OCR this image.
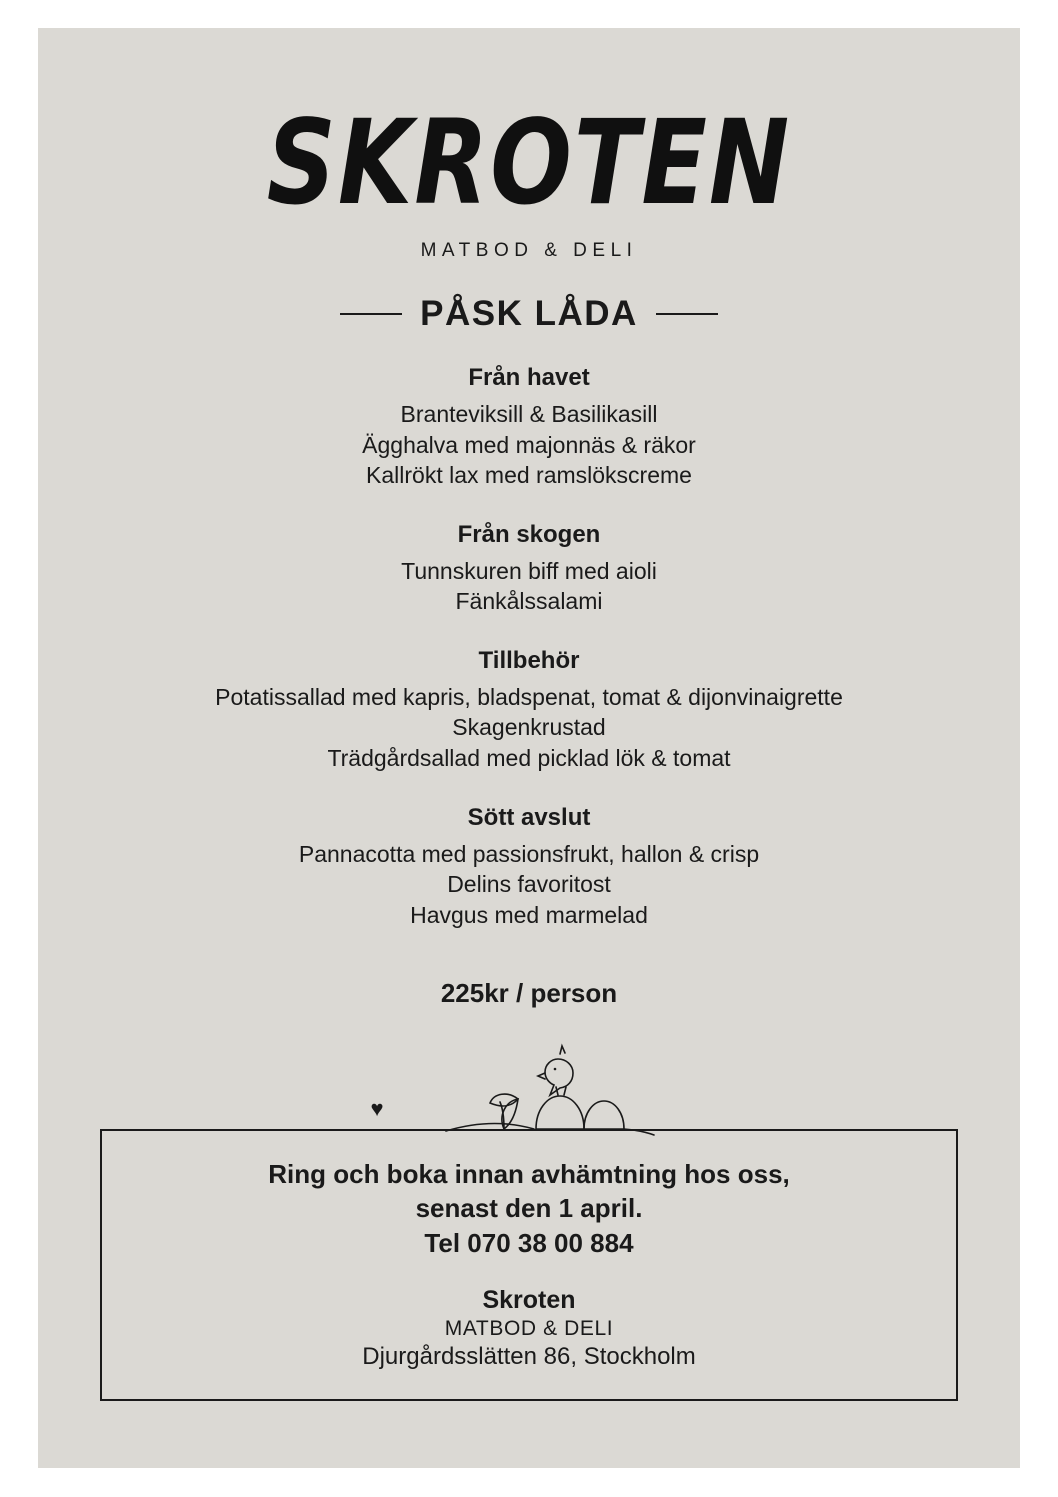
SKROTEN
MATBOD & DELI
PÅSK LÅDA
Från havet
Branteviksill & Basilikasill
Ägghalva med majonnäs & räkor
Kallrökt lax med ramslökscreme
Från skogen
Tunnskuren biff med aioli
Fänkålssalami
Tillbehör
Potatissallad med kapris, bladspenat, tomat & dijonvinaigrette
Skagenkrustad
Trädgårdsallad med picklad lök & tomat
Sött avslut
Pannacotta med passionsfrukt, hallon & crisp
Delins favoritost
Havgus med marmelad
225kr / person
♥
Ring och boka innan avhämtning hos oss,
senast den 1 april.
Tel 070 38 00 884
Skroten
MATBOD & DELI
Djurgårdsslätten 86, Stockholm
